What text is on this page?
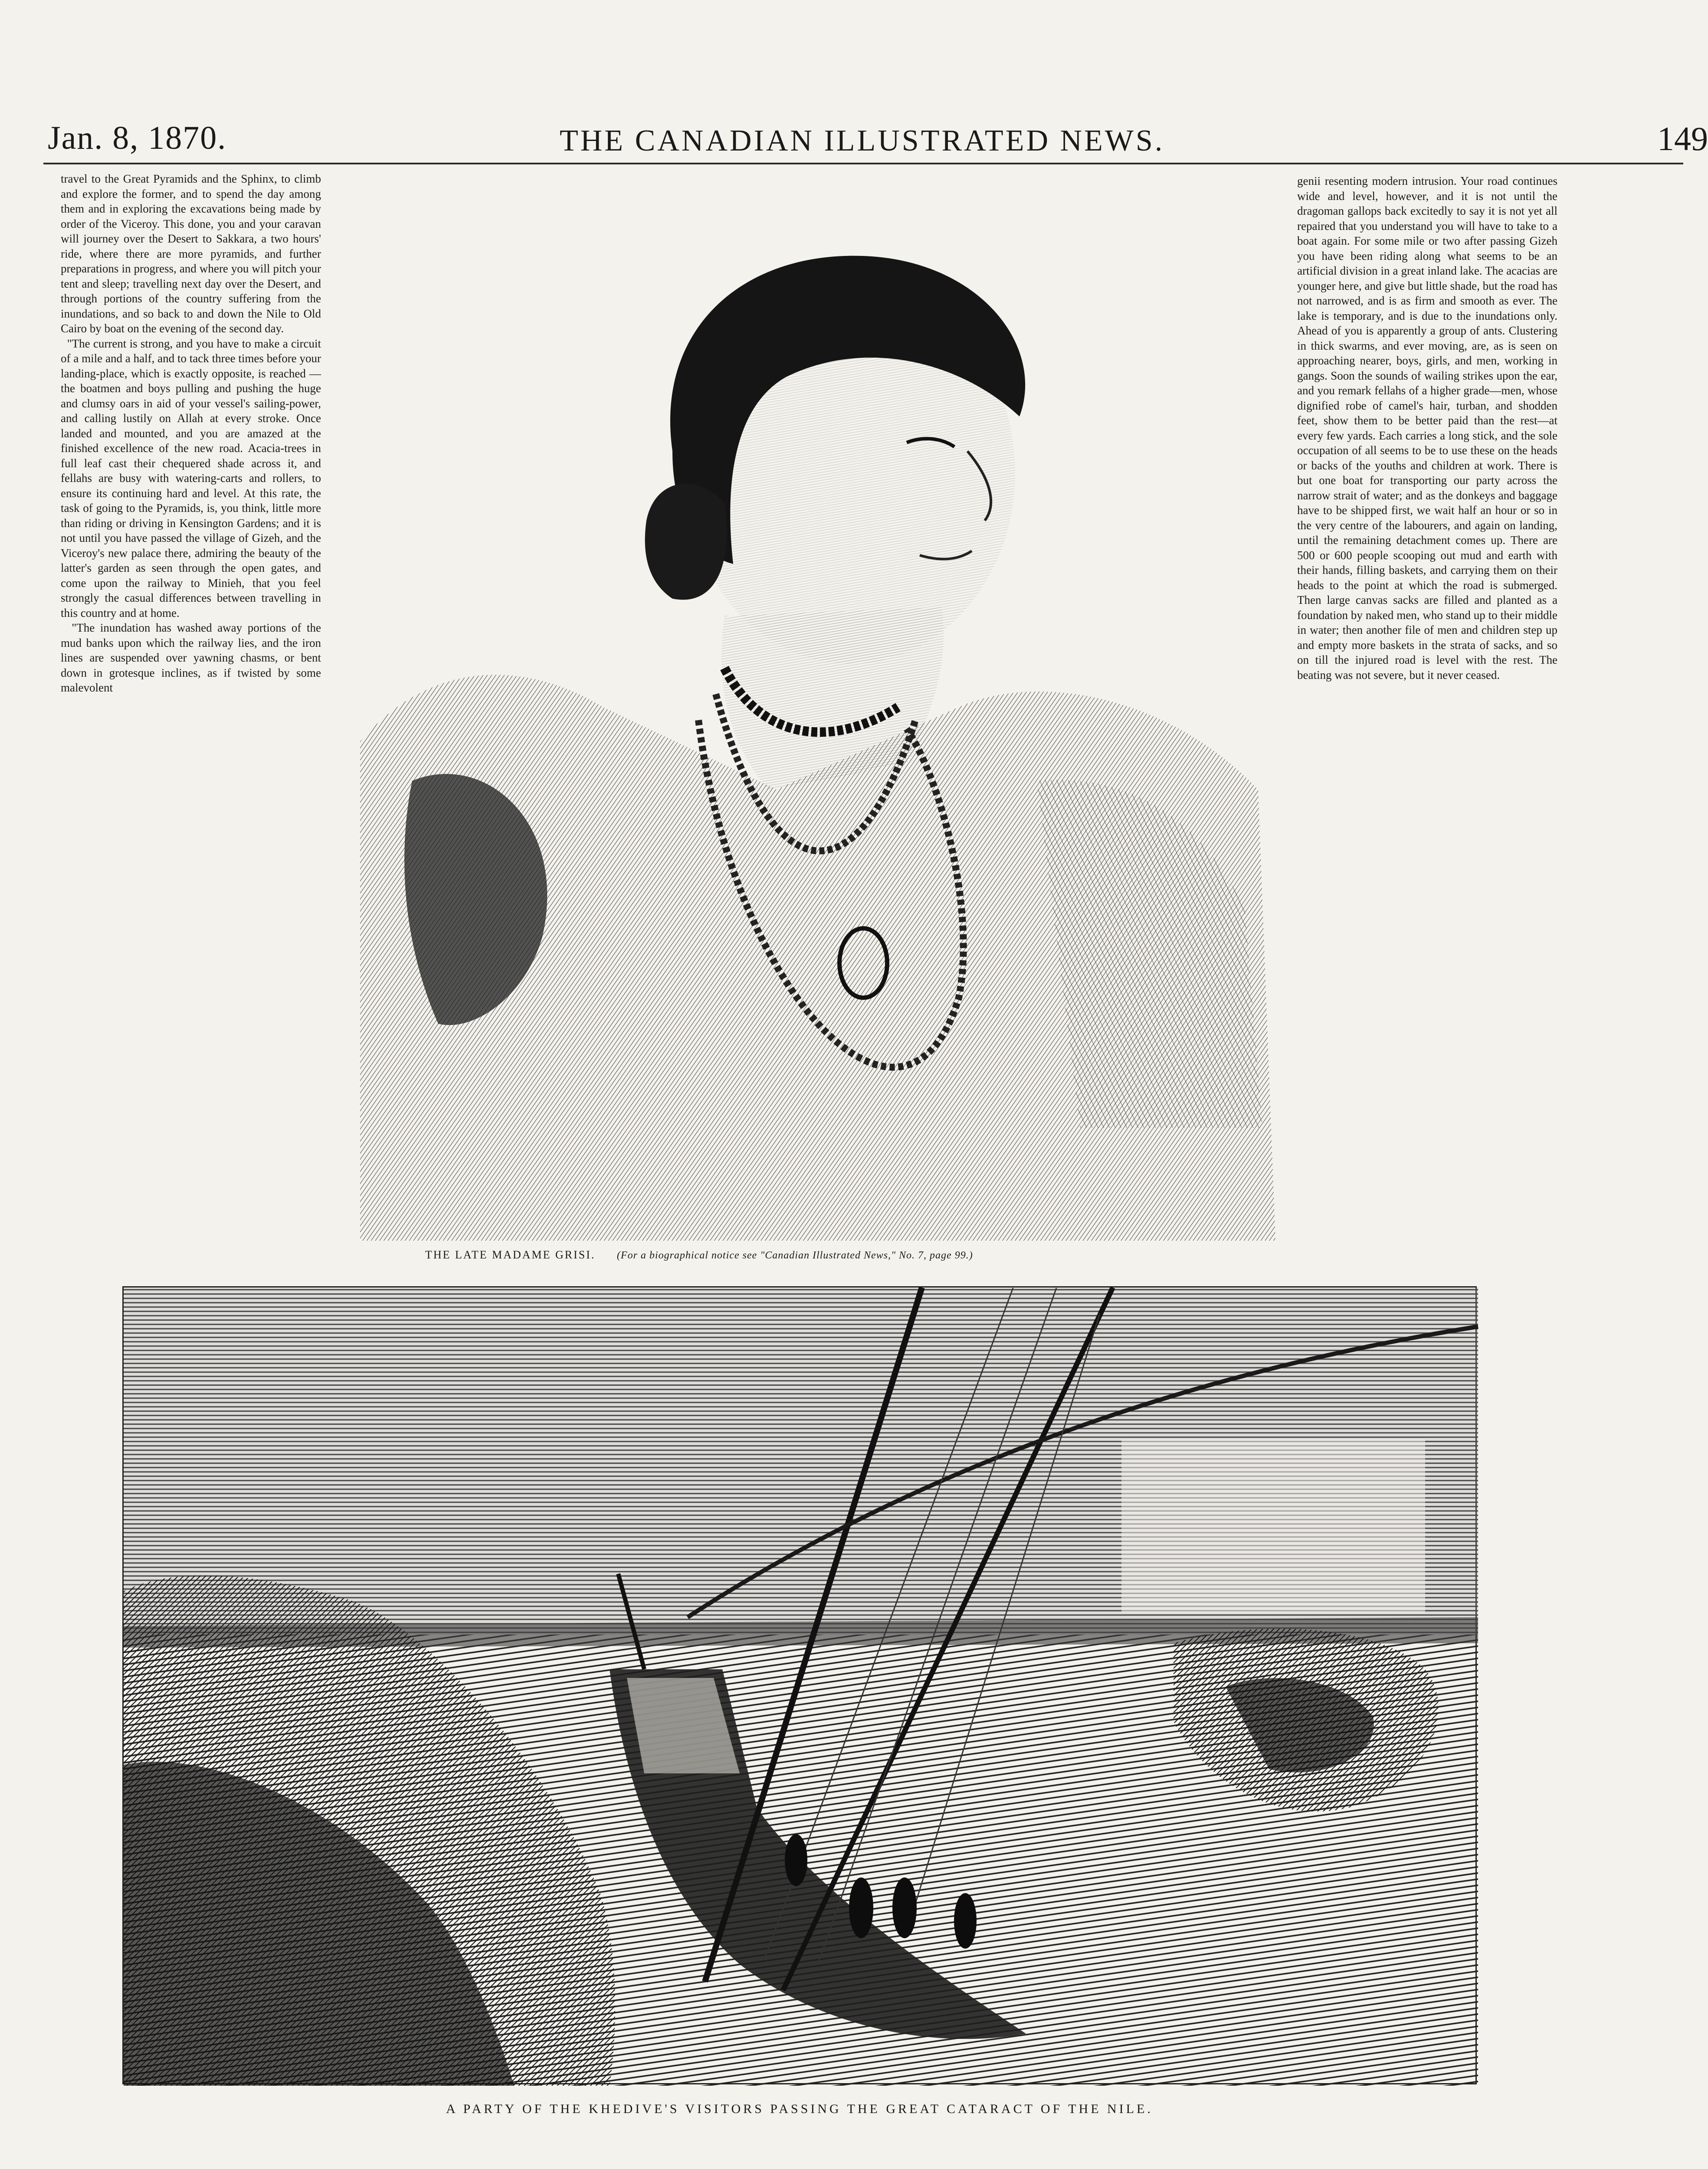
Jan. 8, 1870.	THE CANADIAN ILLUSTRATED NEWS.	149
travel to the Great Pyramids and the Sphinx, to climb and explore the former, and to spend the day among them and in exploring the excavations being made by order of the Viceroy. This done, you and your caravan will journey over the Desert to Sakkara, a two hours' ride, where there are more pyramids, and further preparations in progress, and where you will pitch your tent and sleep; travelling next day over the Desert, and through portions of the country suffering from the inundations, and so back to and down the Nile to Old Cairo by boat on the evening of the second day.
"The current is strong, and you have to make a circuit of a mile and a half, and to tack three times before your landing-place, which is exactly opposite, is reached — the boatmen and boys pulling and pushing the huge and clumsy oars in aid of your vessel's sailing-power, and calling lustily on Allah at every stroke. Once landed and mounted, and you are amazed at the finished excellence of the new road. Acacia-trees in full leaf cast their chequered shade across it, and fellahs are busy with watering-carts and rollers, to ensure its continuing hard and level. At this rate, the task of going to the Pyramids, is, you think, little more than riding or driving in Kensington Gardens; and it is not until you have passed the village of Gizeh, and the Viceroy's new palace there, admiring the beauty of the latter's garden as seen through the open gates, and come upon the railway to Minieh, that you feel strongly the casual differences between travelling in this country and at home.
"The inundation has washed away portions of the mud banks upon which the railway lies, and the iron lines are suspended over yawning chasms, or bent down in grotesque inclines, as if twisted by some malevolent
genii resenting modern intrusion. Your road continues wide and level, however, and it is not until the dragoman gallops back excitedly to say it is not yet all repaired that you understand you will have to take to a boat again. For some mile or two after passing Gizeh you have been riding along what seems to be an artificial division in a great inland lake. The acacias are younger here, and give but little shade, but the road has not narrowed, and is as firm and smooth as ever. The lake is temporary, and is due to the inundations only. Ahead of you is apparently a group of ants. Clustering in thick swarms, and ever moving, are, as is seen on approaching nearer, boys, girls, and men, working in gangs. Soon the sounds of wailing strikes upon the ear, and you remark fellahs of a higher grade—men, whose dignified robe of camel's hair, turban, and shodden feet, show them to be better paid than the rest—at every few yards. Each carries a long stick, and the sole occupation of all seems to be to use these on the heads or backs of the youths and children at work. There is but one boat for transporting our party across the narrow strait of water; and as the donkeys and baggage have to be shipped first, we wait half an hour or so in the very centre of the labourers, and again on landing, until the remaining detachment comes up. There are 500 or 600 people scooping out mud and earth with their hands, filling baskets, and carrying them on their heads to the point at which the road is submerged. Then large canvas sacks are filled and planted as a foundation by naked men, who stand up to their middle in water; then another file of men and children step up and empty more baskets in the strata of sacks, and so on till the injured road is level with the rest. The beating was not severe, but it never ceased.
THE LATE MADAME GRISI. (For a biographical notice see "Canadian Illustrated News," No. 7, page 99.)
A PARTY OF THE KHEDIVE'S VISITORS PASSING THE GREAT CATARACT OF THE NILE.
